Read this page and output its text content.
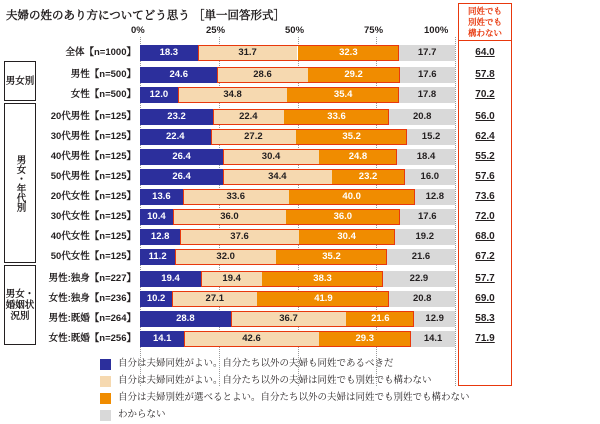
夫婦の姓のあり方についてどう思う ［単一回答形式］
0%	25%	50%	75%	100%
同姓でも
別姓でも
構わない
男女別
男女・年代別
男女・婚姻状況別
全体【n=1000】	18.3	31.7	32.3	17.7	64.0
男性【n=500】	24.6	28.6	29.2	17.6	57.8
女性【n=500】	12.0	34.8	35.4	17.8	70.2
20代男性【n=125】	23.2	22.4	33.6	20.8	56.0
30代男性【n=125】	22.4	27.2	35.2	15.2	62.4
40代男性【n=125】	26.4	30.4	24.8	18.4	55.2
50代男性【n=125】	26.4	34.4	23.2	16.0	57.6
20代女性【n=125】	13.6	33.6	40.0	12.8	73.6
30代女性【n=125】	10.4	36.0	36.0	17.6	72.0
40代女性【n=125】	12.8	37.6	30.4	19.2	68.0
50代女性【n=125】	11.2	32.0	35.2	21.6	67.2
男性:独身【n=227】	19.4	19.4	38.3	22.9	57.7
女性:独身【n=236】	10.2	27.1	41.9	20.8	69.0
男性:既婚【n=264】	28.8	36.7	21.6	12.9	58.3
女性:既婚【n=256】	14.1	42.6	29.3	14.1	71.9
自分は夫婦同姓がよい。自分たち以外の夫婦も同姓であるべきだ
自分は夫婦同姓がよい。自分たち以外の夫婦は同姓でも別姓でも構わない
自分は夫婦別姓が選べるとよい。自分たち以外の夫婦は同姓でも別姓でも構わない
わからない
